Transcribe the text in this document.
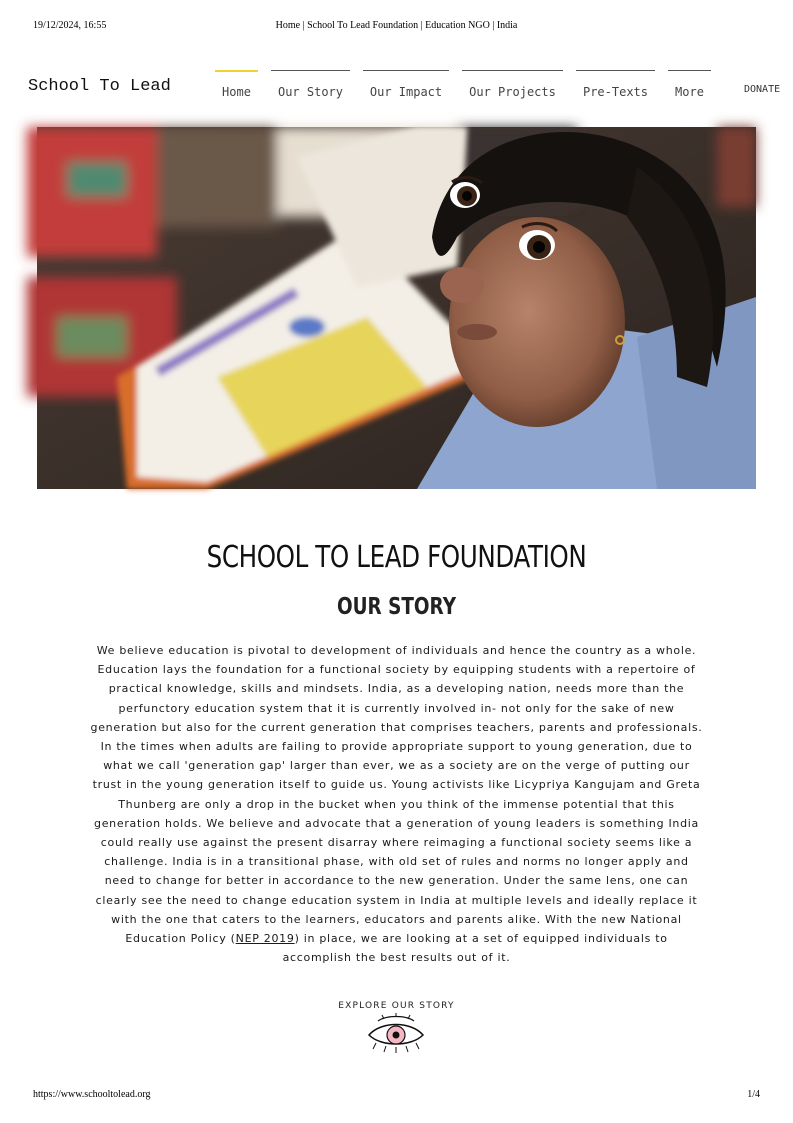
19/12/2024, 16:55	Home | School To Lead Foundation | Education NGO | India
School To Lead	Home	Our Story	Our Impact	Our Projects	Pre-Texts	More	DONATE
SCHOOL TO LEAD FOUNDATION
OUR STORY

We believe education is pivotal to development of individuals and hence the country as a whole. Education lays the foundation for a functional society by equipping students with a repertoire of practical knowledge, skills and mindsets. India, as a developing nation, needs more than the perfunctory education system that it is currently involved in- not only for the sake of new generation but also for the current generation that comprises teachers, parents and professionals. In the times when adults are failing to provide appropriate support to young generation, due to what we call 'generation gap' larger than ever, we as a society are on the verge of putting our trust in the young generation itself to guide us. Young activists like Licypriya Kangujam and Greta Thunberg are only a drop in the bucket when you think of the immense potential that this generation holds. We believe and advocate that a generation of young leaders is something India could really use against the present disarray where reimaging a functional society seems like a challenge. India is in a transitional phase, with old set of rules and norms no longer apply and need to change for better in accordance to the new generation. Under the same lens, one can clearly see the need to change education system in India at multiple levels and ideally replace it with the one that caters to the learners, educators and parents alike. With the new National Education Policy (NEP 2019) in place, we are looking at a set of equipped individuals to accomplish the best results out of it.

EXPLORE OUR STORY
https://www.schooltolead.org	1/4
